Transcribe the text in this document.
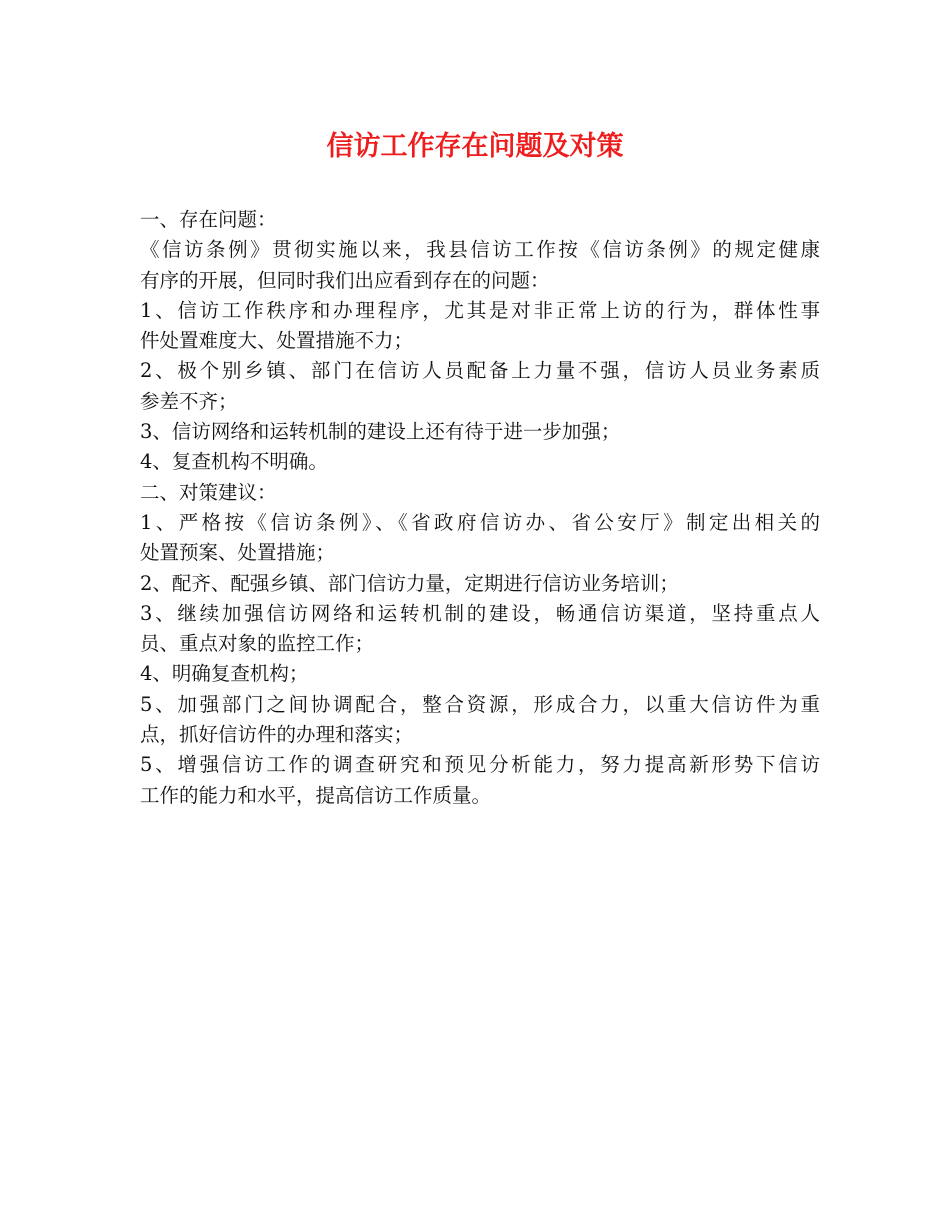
信访工作存在问题及对策
一、存在问题：
《信访条例》贯彻实施以来，我县信访工作按《信访条例》的规定健康
有序的开展，但同时我们出应看到存在的问题：
1、信访工作秩序和办理程序，尤其是对非正常上访的行为，群体性事
件处置难度大、处置措施不力；
2、极个别乡镇、部门在信访人员配备上力量不强，信访人员业务素质
参差不齐；
3、信访网络和运转机制的建设上还有待于进一步加强；
4、复查机构不明确。
二、对策建议：
1、严格按《信访条例》、《省政府信访办、省公安厅》制定出相关的
处置预案、处置措施；
2、配齐、配强乡镇、部门信访力量，定期进行信访业务培训；
3、继续加强信访网络和运转机制的建设，畅通信访渠道，坚持重点人
员、重点对象的监控工作；
4、明确复查机构；
5、加强部门之间协调配合，整合资源，形成合力，以重大信访件为重
点，抓好信访件的办理和落实；
5、增强信访工作的调查研究和预见分析能力，努力提高新形势下信访
工作的能力和水平，提高信访工作质量。
